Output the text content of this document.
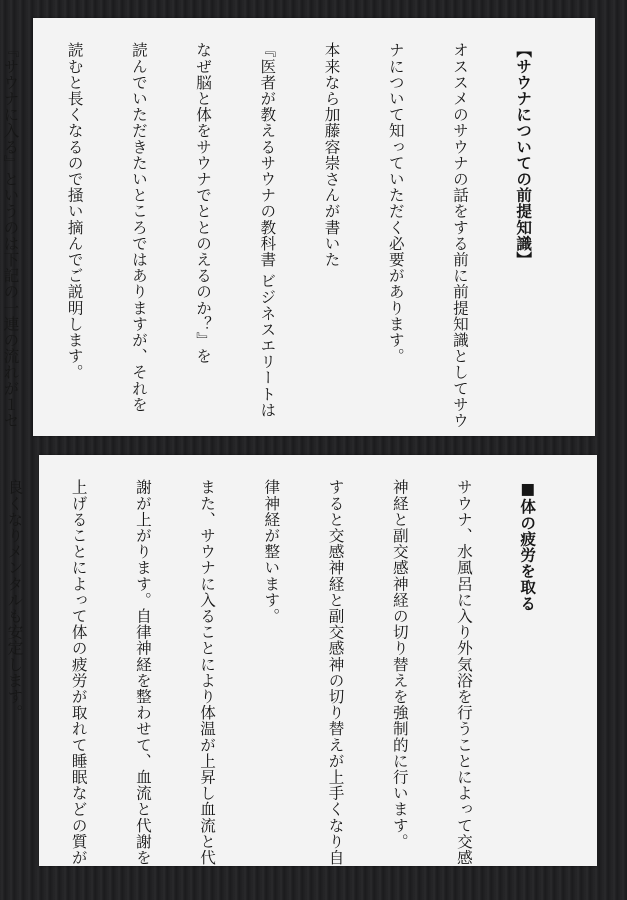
【サウナについての前提知識】

オススメのサウナの話をする前に前提知識としてサウ

ナについて知っていただく必要があります。

本来なら加藤容崇さんが書いた

『医者が教えるサウナの教科書 ビジネスエリートは

なぜ脳と体をサウナでととのえるのか？』を

読んでいただきたいところではありますが、それを

読むと長くなるので掻い摘んでご説明します。

『サウナに入る』というのは下記の一連の流れが１セ

■体の疲労を取る

サウナ、水風呂に入り外気浴を行うことによって交感

神経と副交感神経の切り替えを強制的に行います。

すると交感神経と副交感神の切り替えが上手くなり自

律神経が整います。

また、サウナに入ることにより体温が上昇し血流と代

謝が上がります。自律神経を整わせて、血流と代謝を

上げることによって体の疲労が取れて睡眠などの質が

良くなりメンタルも安定します。
